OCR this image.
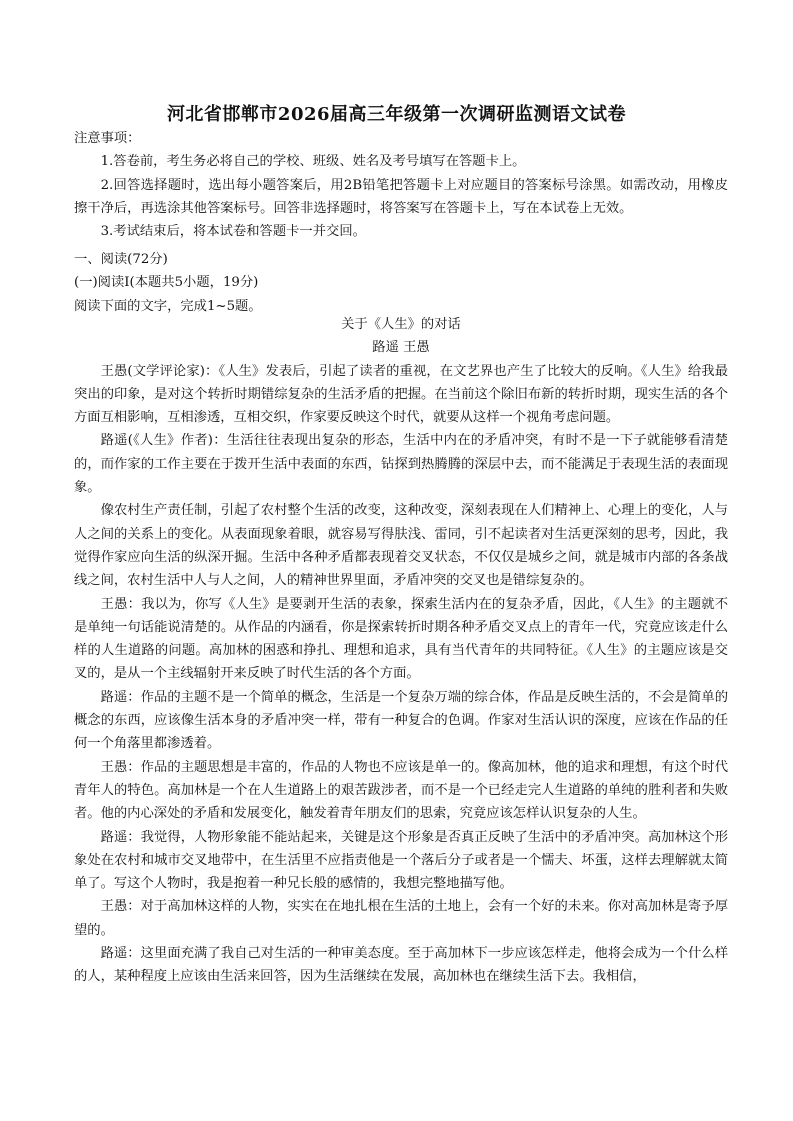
河北省邯郸市2026届高三年级第一次调研监测语文试卷

注意事项：

1.答卷前，考生务必将自己的学校、班级、姓名及考号填写在答题卡上。

2.回答选择题时，选出每小题答案后，用2B铅笔把答题卡上对应题目的答案标号涂黑。如需改动，用橡皮擦干净后，再选涂其他答案标号。回答非选择题时，将答案写在答题卡上，写在本试卷上无效。

3.考试结束后，将本试卷和答题卡一并交回。

一、阅读(72分)

(一)阅读Ⅰ(本题共5小题，19分)

阅读下面的文字，完成1~5题。

关于《人生》的对话

路遥 王愚

王愚(文学评论家)：《人生》发表后，引起了读者的重视，在文艺界也产生了比较大的反响。《人生》给我最突出的印象，是对这个转折时期错综复杂的生活矛盾的把握。在当前这个除旧布新的转折时期，现实生活的各个方面互相影响，互相渗透，互相交织，作家要反映这个时代，就要从这样一个视角考虑问题。

路遥(《人生》作者)：生活往往表现出复杂的形态，生活中内在的矛盾冲突，有时不是一下子就能够看清楚的，而作家的工作主要在于拨开生活中表面的东西，钻探到热腾腾的深层中去，而不能满足于表现生活的表面现象。

像农村生产责任制，引起了农村整个生活的改变，这种改变，深刻表现在人们精神上、心理上的变化，人与人之间的关系上的变化。从表面现象着眼，就容易写得肤浅、雷同，引不起读者对生活更深刻的思考，因此，我觉得作家应向生活的纵深开掘。生活中各种矛盾都表现着交叉状态，不仅仅是城乡之间，就是城市内部的各条战线之间，农村生活中人与人之间，人的精神世界里面，矛盾冲突的交叉也是错综复杂的。

王愚：我以为，你写《人生》是要剥开生活的表象，探索生活内在的复杂矛盾，因此，《人生》的主题就不是单纯一句话能说清楚的。从作品的内涵看，你是探索转折时期各种矛盾交叉点上的青年一代，究竟应该走什么样的人生道路的问题。高加林的困惑和挣扎、理想和追求，具有当代青年的共同特征。《人生》的主题应该是交叉的，是从一个主线辐射开来反映了时代生活的各个方面。

路遥：作品的主题不是一个简单的概念，生活是一个复杂万端的综合体，作品是反映生活的，不会是简单的概念的东西，应该像生活本身的矛盾冲突一样，带有一种复合的色调。作家对生活认识的深度，应该在作品的任何一个角落里都渗透着。

王愚：作品的主题思想是丰富的，作品的人物也不应该是单一的。像高加林，他的追求和理想，有这个时代青年人的特色。高加林是一个在人生道路上的艰苦跋涉者，而不是一个已经走完人生道路的单纯的胜利者和失败者。他的内心深处的矛盾和发展变化，触发着青年朋友们的思索，究竟应该怎样认识复杂的人生。

路遥：我觉得，人物形象能不能站起来，关键是这个形象是否真正反映了生活中的矛盾冲突。高加林这个形象处在农村和城市交叉地带中，在生活里不应指责他是一个落后分子或者是一个懦夫、坏蛋，这样去理解就太简单了。写这个人物时，我是抱着一种兄长般的感情的，我想完整地描写他。

王愚：对于高加林这样的人物，实实在在地扎根在生活的土地上，会有一个好的未来。你对高加林是寄予厚望的。

路遥：这里面充满了我自己对生活的一种审美态度。至于高加林下一步应该怎样走，他将会成为一个什么样的人，某种程度上应该由生活来回答，因为生活继续在发展，高加林也在继续生活下去。我相信，
